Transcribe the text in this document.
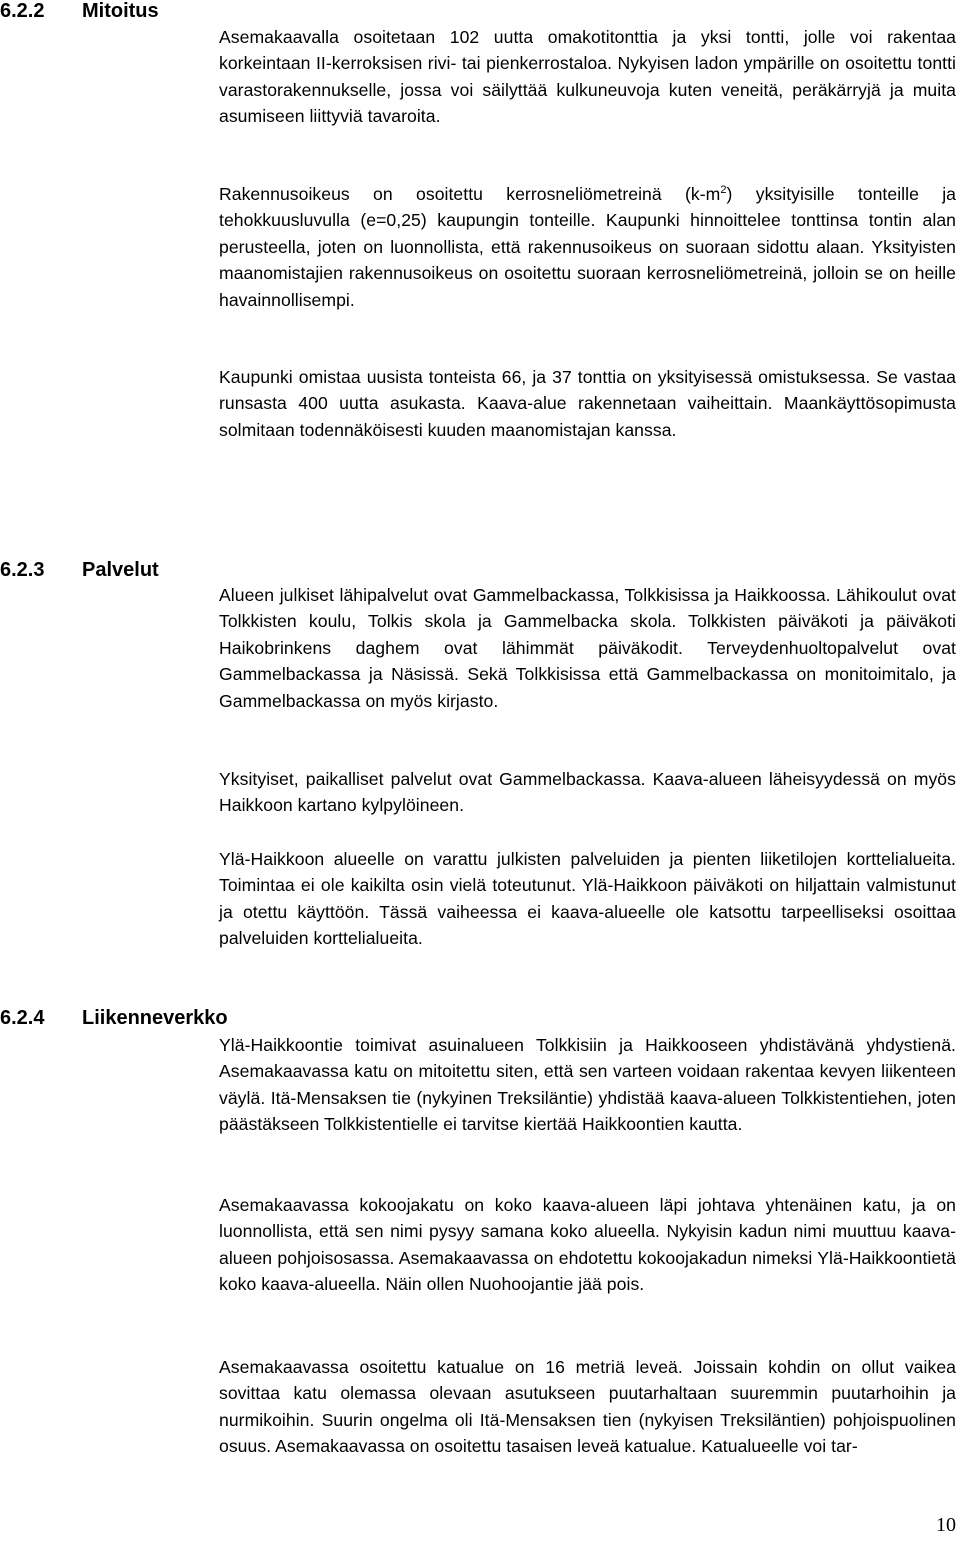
6.2.2 Mitoitus

Asemakaavalla osoitetaan 102 uutta omakotitonttia ja yksi tontti, jolle voi rakentaa korkeintaan II-kerroksisen rivi- tai pienkerrostaloa. Nykyisen ladon ympärille on osoitettu tontti varastorakennukselle, jossa voi säilyttää kulkuneuvoja kuten veneitä, peräkärryjä ja muita asumiseen liittyviä tavaroita.

Rakennusoikeus on osoitettu kerrosneliömetreinä $(k-m^2)$ yksityisille tonteille ja tehokkuusluvulla (e=0,25) kaupungin tonteille. Kaupunki hinnoittelee tonttinsa tontin alan perusteella, joten on luonnollista, että rakennusoikeus on suoraan sidottu alaan. Yksityisten maanomistajien rakennusoikeus on osoitettu suoraan kerrosneliömetreinä, jolloin se on heille havainnollisempi.

Kaupunki omistaa uusista tonteista 66, ja 37 tonttia on yksityisessä omistuksessa. Se vastaa runsasta 400 uutta asukasta. Kaava-alue rakennetaan vaiheittain. Maankäyttösopimusta solmitaan todennäköisesti kuuden maanomistajan kanssa.

6.2.3 Palvelut

Alueen julkiset lähipalvelut ovat Gammelbackassa, Tolkkisissa ja Haikkoossa. Lähikoulut ovat Tolkkisten koulu, Tolkis skola ja Gammelbacka skola. Tolkkisten päiväkoti ja päiväkoti Haikobrinkens daghem ovat lähimmät päiväkodit. Terveydenhuoltopalvelut ovat Gammelbackassa ja Näsissä. Sekä Tolkkisissa että Gammelbackassa on monitoimitalo, ja Gammelbackassa on myös kirjasto.

Yksityiset, paikalliset palvelut ovat Gammelbackassa. Kaava-alueen läheisyydessä on myös Haikkoon kartano kylpylöineen.

Ylä-Haikkoon alueelle on varattu julkisten palveluiden ja pienten liiketilojen korttelialueita. Toimintaa ei ole kaikilta osin vielä toteutunut. Ylä-Haikkoon päiväkoti on hiljattain valmistunut ja otettu käyttöön. Tässä vaiheessa ei kaava-alueelle ole katsottu tarpeelliseksi osoittaa palveluiden korttelialueita.

6.2.4 Liikenneverkko

Ylä-Haikkoontie toimivat asuinalueen Tolkkisiin ja Haikkooseen yhdistävänä yhdystienä. Asemakaavassa katu on mitoitettu siten, että sen varteen voidaan rakentaa kevyen liikenteen väylä. Itä-Mensaksen tie (nykyinen Treksiläntie) yhdistää kaava-alueen Tolkkistentiehen, joten päästäkseen Tolkkistentielle ei tarvitse kiertää Haikkoontien kautta.

Asemakaavassa kokoojakatu on koko kaava-alueen läpi johtava yhtenäinen katu, ja on luonnollista, että sen nimi pysyy samana koko alueella. Nykyisin kadun nimi muuttuu kaava-alueen pohjoisosassa. Asemakaavassa on ehdotettu kokoojakadun nimeksi Ylä-Haikkoontietä koko kaava-alueella. Näin ollen Nuohoojantie jää pois.

Asemakaavassa osoitettu katualue on 16 metriä leveä. Joissain kohdin on ollut vaikea sovittaa katu olemassa olevaan asutukseen puutarhaltaan suuremmin puutarhoihin ja nurmikoihin. Suurin ongelma oli Itä-Mensaksen tien (nykyisen Treksiläntien) pohjoispuolinen osuus. Asemakaavassa on osoitettu tasaisen leveä katualue. Katualueelle voi tar-

10
